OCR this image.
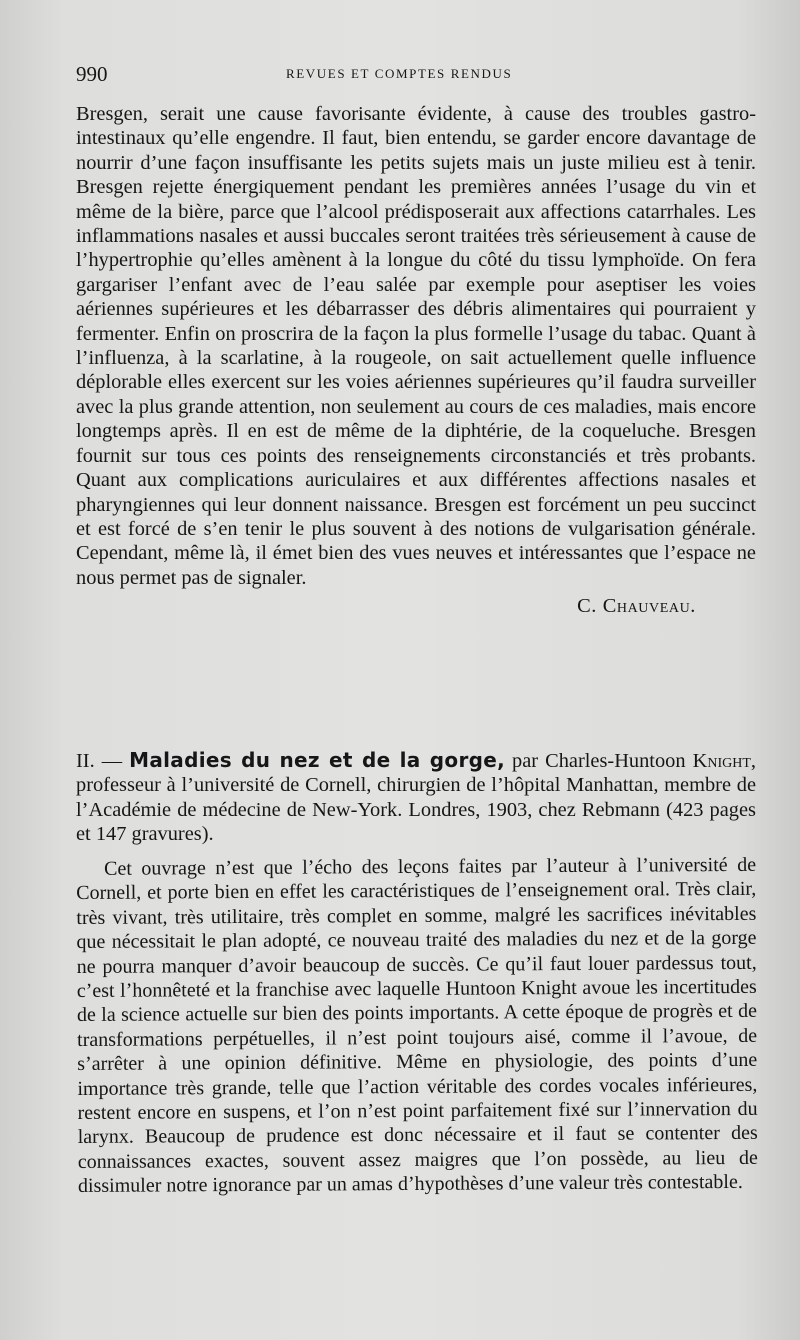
990	REVUES ET COMPTES RENDUS

Bresgen, serait une cause favorisante évidente, à cause des troubles gastro-intestinaux qu’elle engendre. Il faut, bien entendu, se garder encore davantage de nourrir d’une façon insuffisante les petits sujets mais un juste milieu est à tenir. Bresgen rejette énergiquement pendant les premières années l’usage du vin et même de la bière, parce que l’alcool prédisposerait aux affections catarrhales. Les inflammations nasales et aussi buccales seront traitées très sérieusement à cause de l’hypertrophie qu’elles amènent à la longue du côté du tissu lymphoïde. On fera gargariser l’enfant avec de l’eau salée par exemple pour aseptiser les voies aériennes supérieures et les débarrasser des débris alimentaires qui pourraient y fermenter. Enfin on proscrira de la façon la plus formelle l’usage du tabac. Quant à l’influenza, à la scarlatine, à la rougeole, on sait actuellement quelle influence déplorable elles exercent sur les voies aériennes supérieures qu’il faudra surveiller avec la plus grande attention, non seulement au cours de ces maladies, mais encore longtemps après. Il en est de même de la diphtérie, de la coqueluche. Bresgen fournit sur tous ces points des renseignements circonstanciés et très probants. Quant aux complications auriculaires et aux différentes affections nasales et pharyngiennes qui leur donnent naissance. Bresgen est forcément un peu succinct et est forcé de s’en tenir le plus souvent à des notions de vulgarisation générale. Cependant, même là, il émet bien des vues neuves et intéressantes que l’espace ne nous permet pas de signaler.

C. Chauveau.

II. — Maladies du nez et de la gorge, par Charles-Huntoon Knight, professeur à l’université de Cornell, chirurgien de l’hôpital Manhattan, membre de l’Académie de médecine de New-York. Londres, 1903, chez Rebmann (423 pages et 147 gravures).

Cet ouvrage n’est que l’écho des leçons faites par l’auteur à l’université de Cornell, et porte bien en effet les caractéristiques de l’enseignement oral. Très clair, très vivant, très utilitaire, très complet en somme, malgré les sacrifices inévitables que nécessitait le plan adopté, ce nouveau traité des maladies du nez et de la gorge ne pourra manquer d’avoir beaucoup de succès. Ce qu’il faut louer pardessus tout, c’est l’honnêteté et la franchise avec laquelle Huntoon Knight avoue les incertitudes de la science actuelle sur bien des points importants. A cette époque de progrès et de transformations perpétuelles, il n’est point toujours aisé, comme il l’avoue, de s’arrêter à une opinion définitive. Même en physiologie, des points d’une importance très grande, telle que l’action véritable des cordes vocales inférieures, restent encore en suspens, et l’on n’est point parfaitement fixé sur l’innervation du larynx. Beaucoup de prudence est donc nécessaire et il faut se contenter des connaissances exactes, souvent assez maigres que l’on possède, au lieu de dissimuler notre ignorance par un amas d’hypothèses d’une valeur très contestable.
